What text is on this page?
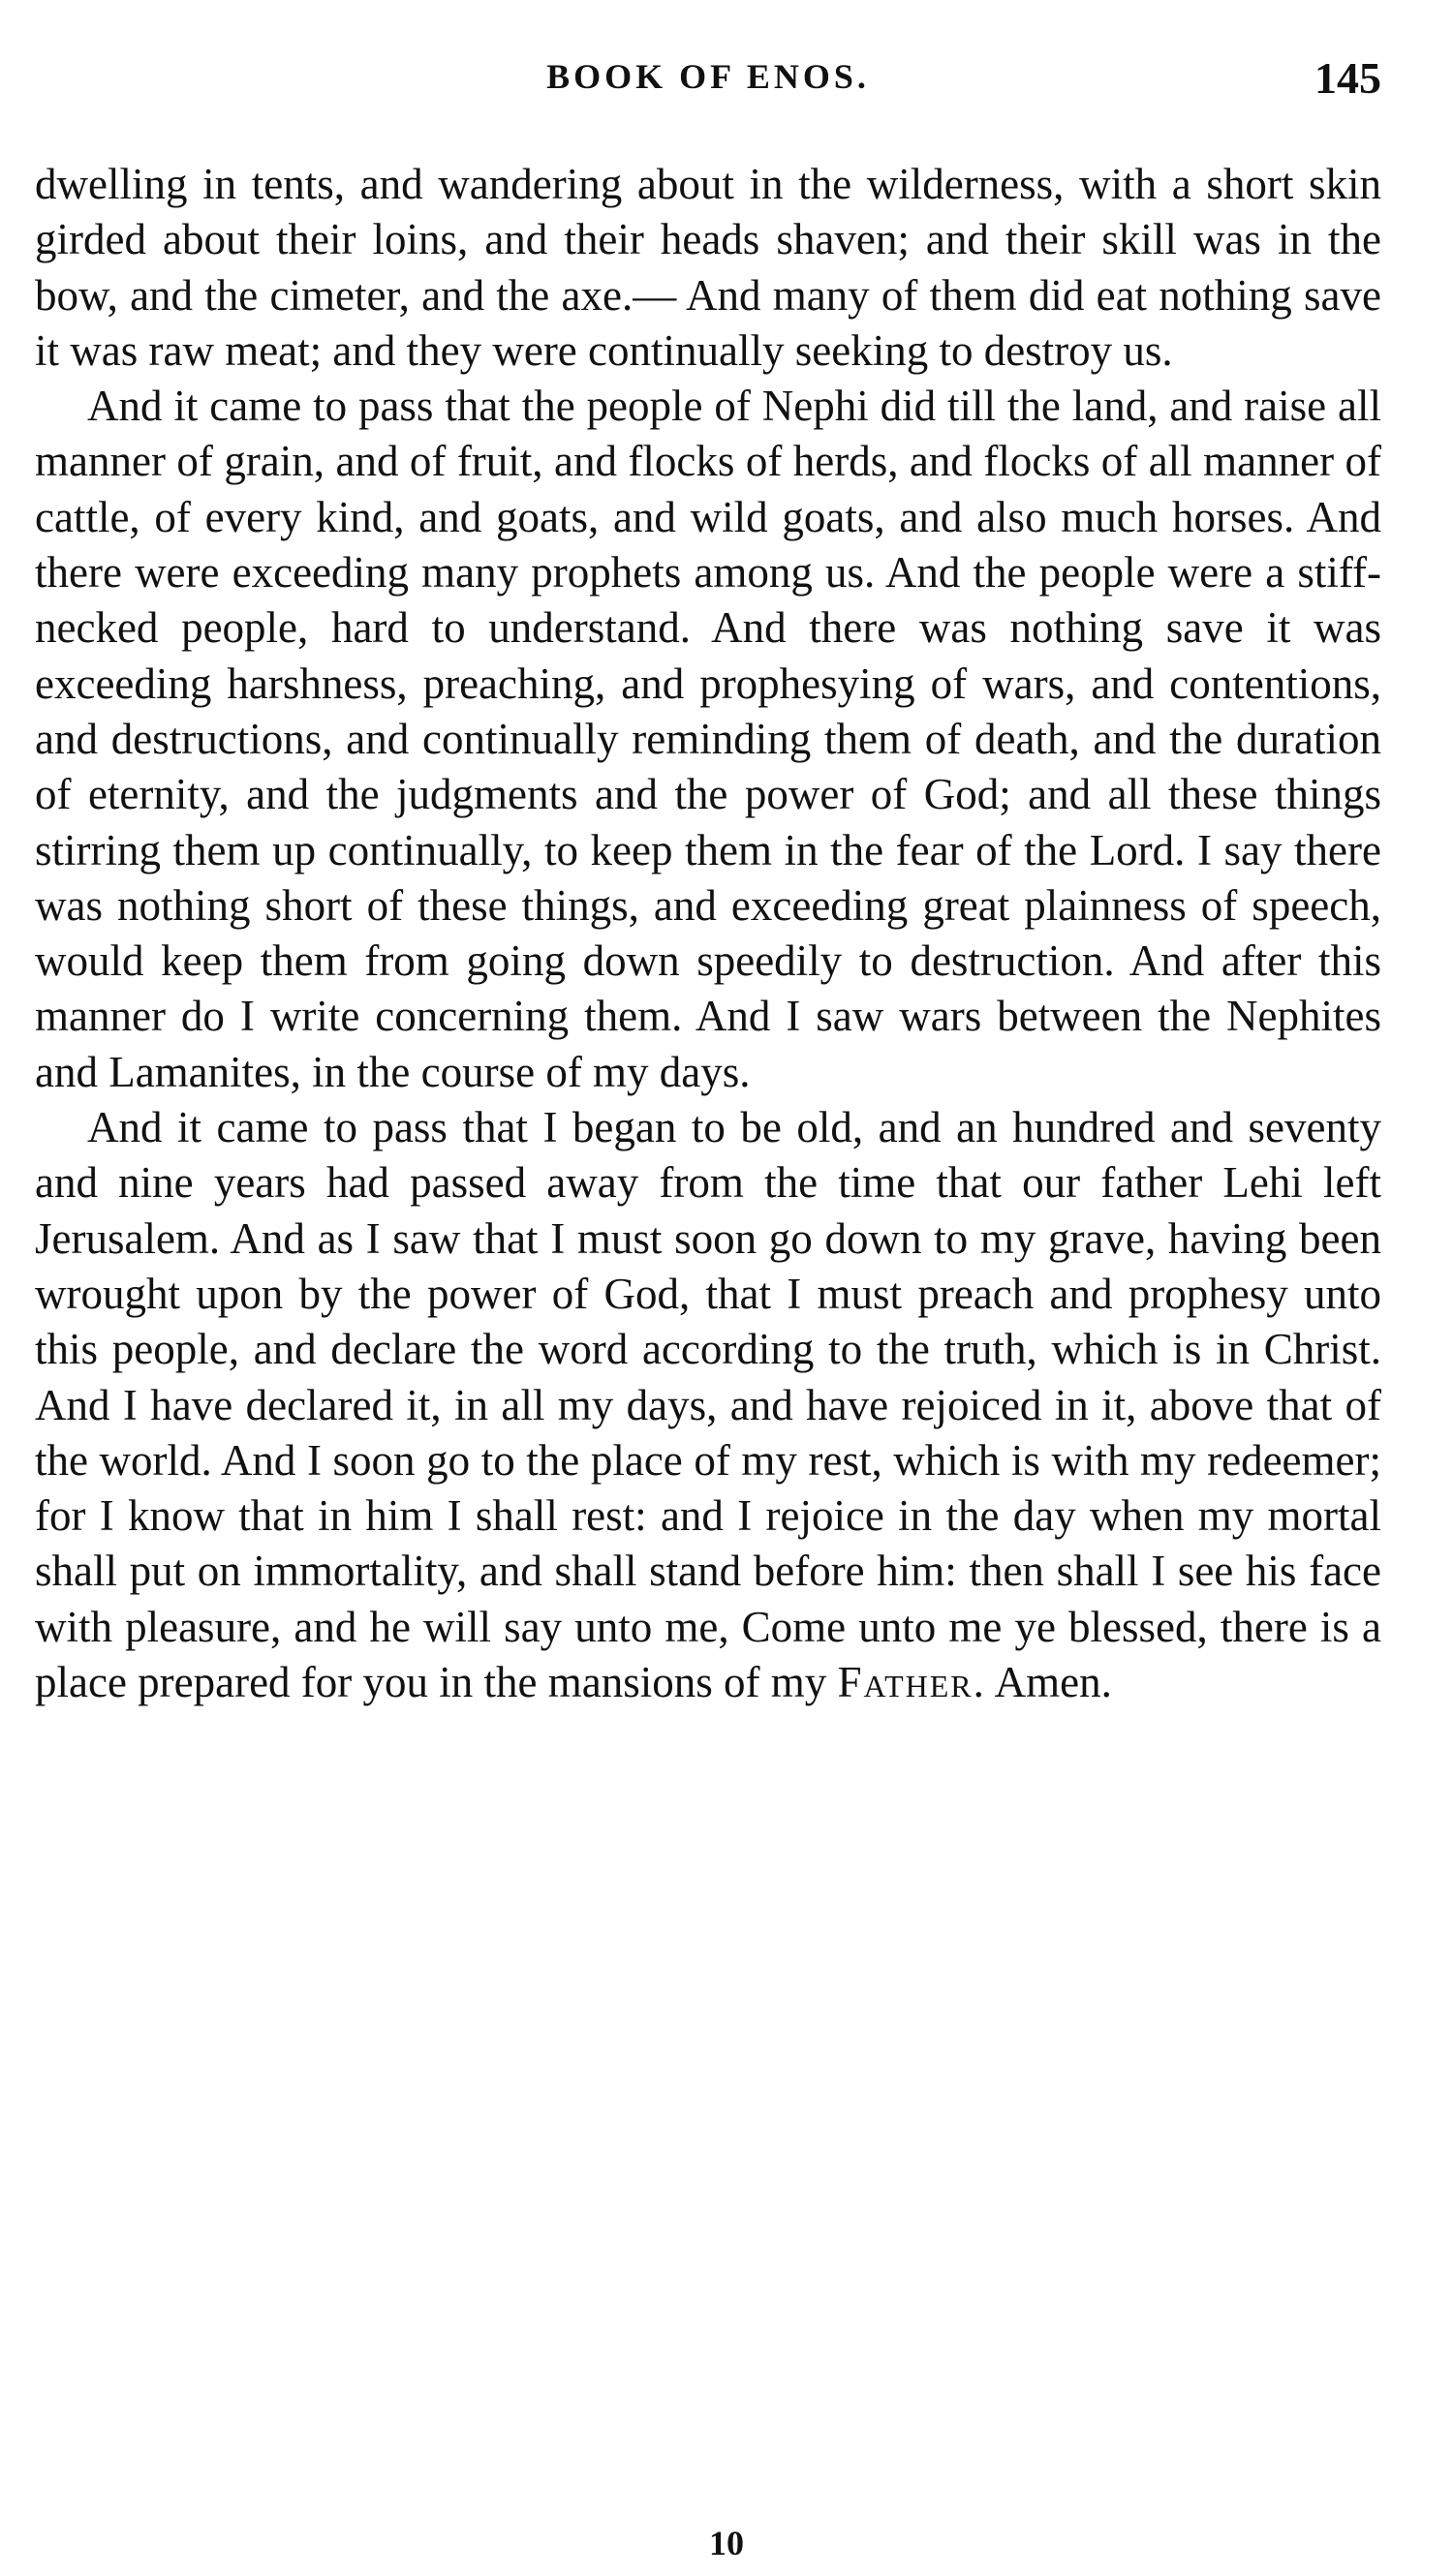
BOOK OF ENOS.	145

dwelling in tents, and wandering about in the wilderness, with a short skin girded about their loins, and their heads shaven; and their skill was in the bow, and the cimeter, and the axe.— And many of them did eat nothing save it was raw meat; and they were continually seeking to destroy us.

And it came to pass that the people of Nephi did till the land, and raise all manner of grain, and of fruit, and flocks of herds, and flocks of all manner of cattle, of every kind, and goats, and wild goats, and also much horses. And there were exceeding many prophets among us. And the people were a stiff-necked people, hard to understand. And there was nothing save it was exceeding harshness, preaching, and prophesying of wars, and contentions, and destructions, and continually reminding them of death, and the duration of eternity, and the judgments and the power of God; and all these things stirring them up continually, to keep them in the fear of the Lord. I say there was nothing short of these things, and exceeding great plainness of speech, would keep them from going down speedily to destruction. And after this manner do I write concerning them. And I saw wars between the Nephites and Lamanites, in the course of my days.

And it came to pass that I began to be old, and an hundred and seventy and nine years had passed away from the time that our father Lehi left Jerusalem. And as I saw that I must soon go down to my grave, having been wrought upon by the power of God, that I must preach and prophesy unto this people, and declare the word according to the truth, which is in Christ. And I have declared it, in all my days, and have rejoiced in it, above that of the world. And I soon go to the place of my rest, which is with my redeemer; for I know that in him I shall rest: and I rejoice in the day when my mortal shall put on immortality, and shall stand before him: then shall I see his face with pleasure, and he will say unto me, Come unto me ye blessed, there is a place prepared for you in the mansions of my Father. Amen.

10
